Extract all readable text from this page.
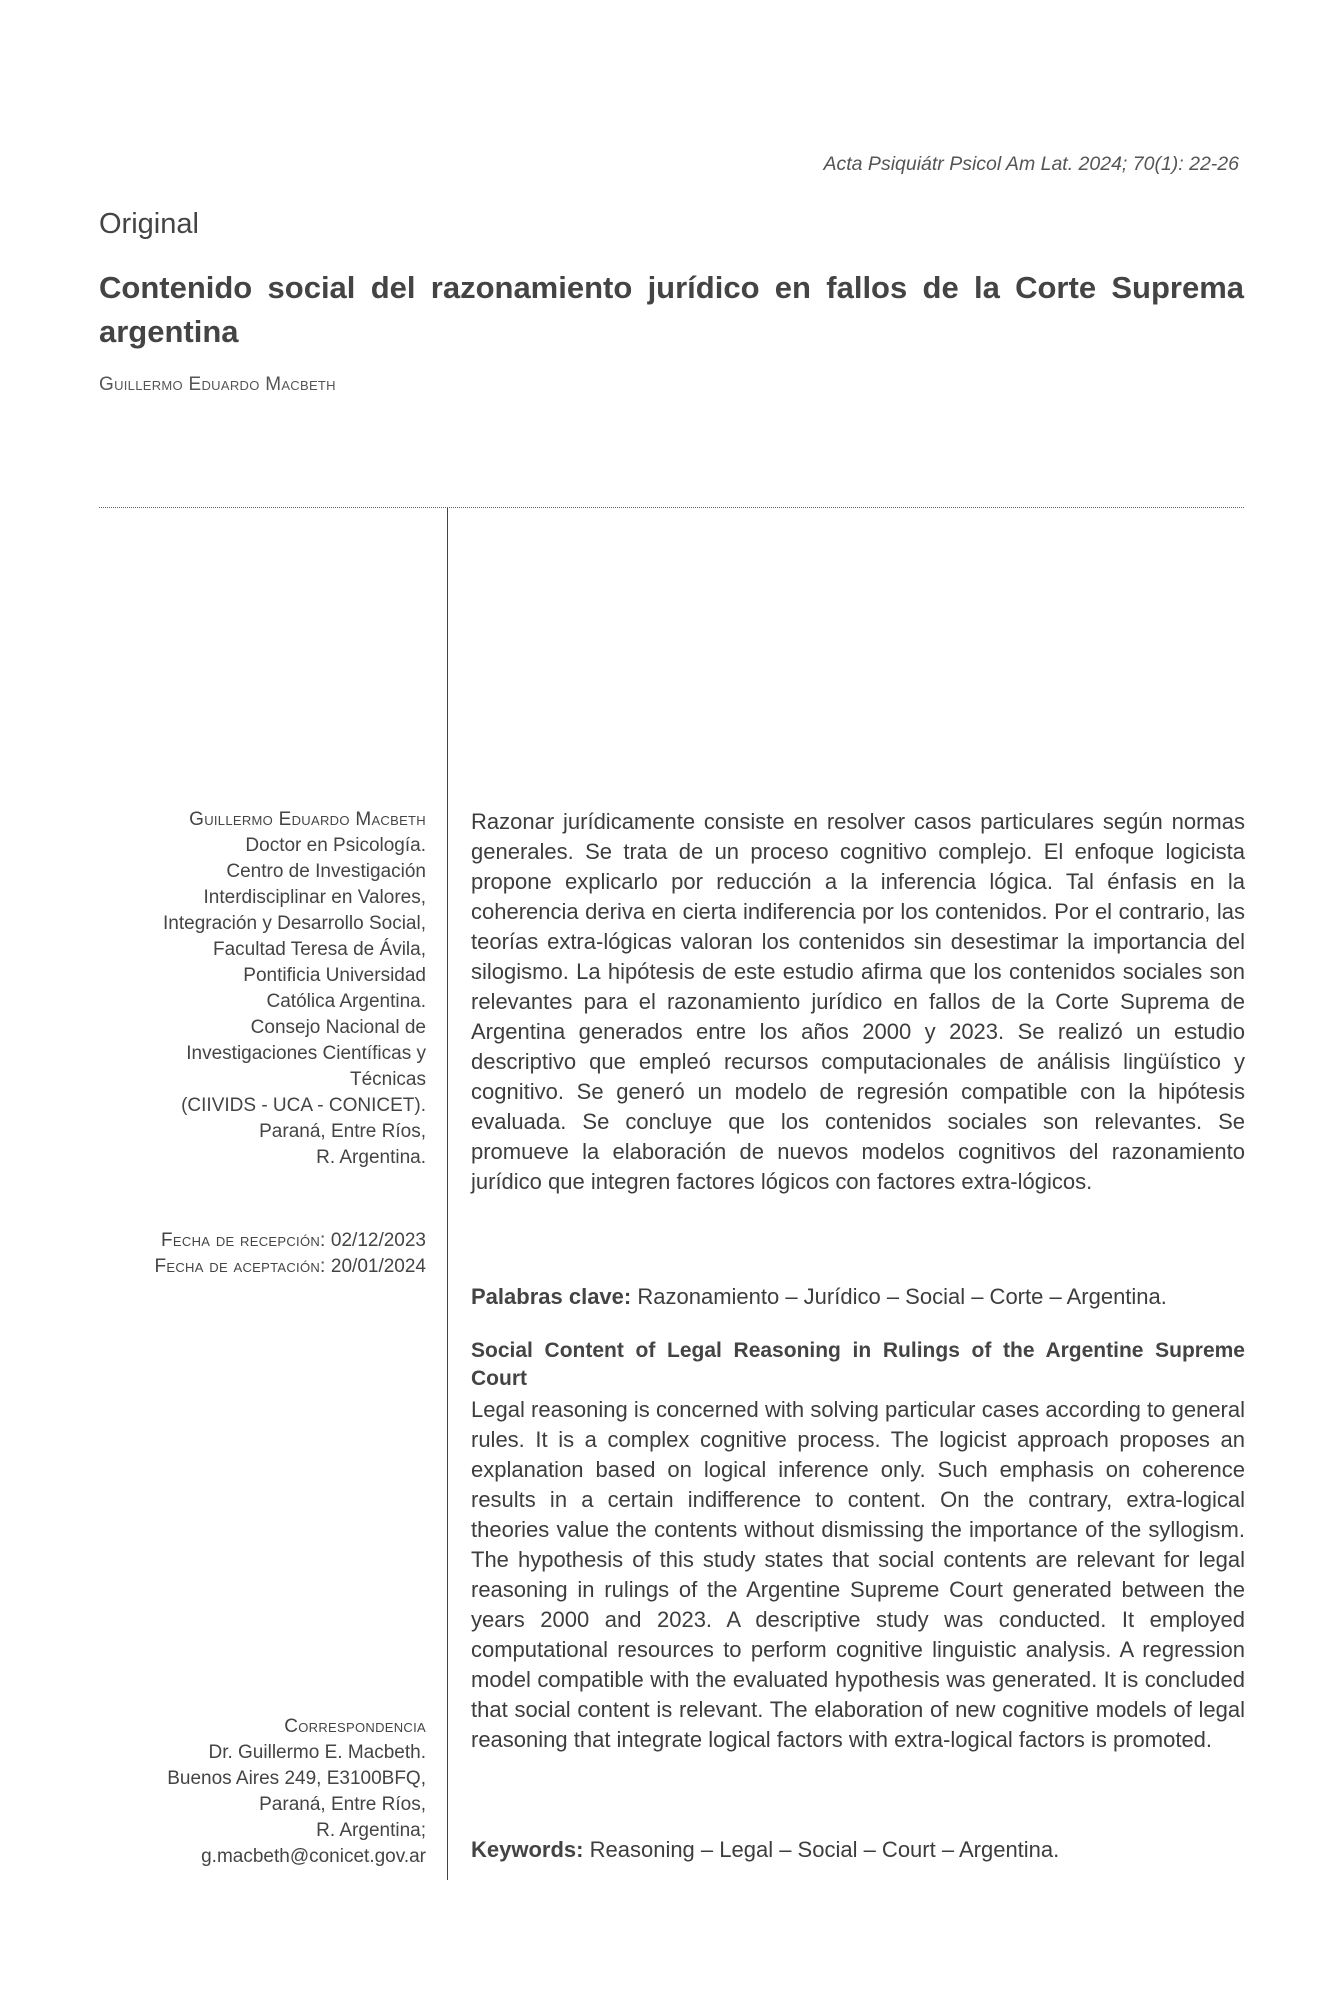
Acta Psiquiátr Psicol Am Lat. 2024; 70(1): 22-26
Original
Contenido social del razonamiento jurídico en fallos de la Corte Suprema argentina
Guillermo Eduardo Macbeth
Guillermo Eduardo Macbeth
Doctor en Psicología.
Centro de Investigación
Interdisciplinar en Valores,
Integración y Desarrollo Social,
Facultad Teresa de Ávila,
Pontificia Universidad
Católica Argentina.
Consejo Nacional de
Investigaciones Científicas y
Técnicas
(CIIVIDS - UCA - CONICET).
Paraná, Entre Ríos,
R. Argentina.
Fecha de recepción: 02/12/2023
Fecha de aceptación: 20/01/2024
Correspondencia
Dr. Guillermo E. Macbeth.
Buenos Aires 249, E3100BFQ,
Paraná, Entre Ríos,
R. Argentina;
g.macbeth@conicet.gov.ar

Razonar jurídicamente consiste en resolver casos particulares según normas generales. Se trata de un proceso cognitivo complejo. El enfoque logicista propone explicarlo por reducción a la inferencia lógica. Tal énfasis en la coherencia deriva en cierta indiferencia por los contenidos. Por el contrario, las teorías extra-lógicas valoran los contenidos sin desestimar la importancia del silogismo. La hipótesis de este estudio afirma que los contenidos sociales son relevantes para el razonamiento jurídico en fallos de la Corte Suprema de Argentina generados entre los años 2000 y 2023. Se realizó un estudio descriptivo que empleó recursos computacionales de análisis lingüístico y cognitivo. Se generó un modelo de regresión compatible con la hipótesis evaluada. Se concluye que los contenidos sociales son relevantes. Se promueve la elaboración de nuevos modelos cognitivos del razonamiento jurídico que integren factores lógicos con factores extra-lógicos.

Palabras clave: Razonamiento – Jurídico – Social – Corte – Argentina.

Social Content of Legal Reasoning in Rulings of the Argentine Supreme Court

Legal reasoning is concerned with solving particular cases according to general rules. It is a complex cognitive process. The logicist approach proposes an explanation based on logical inference only. Such emphasis on coherence results in a certain indifference to content. On the contrary, extra-logical theories value the contents without dismissing the importance of the syllogism. The hypothesis of this study states that social contents are relevant for legal reasoning in rulings of the Argentine Supreme Court generated between the years 2000 and 2023. A descriptive study was conducted. It employed computational resources to perform cognitive linguistic analysis. A regression model compatible with the evaluated hypothesis was generated. It is concluded that social content is relevant. The elaboration of new cognitive models of legal reasoning that integrate logical factors with extra-logical factors is promoted.

Keywords: Reasoning – Legal – Social – Court – Argentina.
